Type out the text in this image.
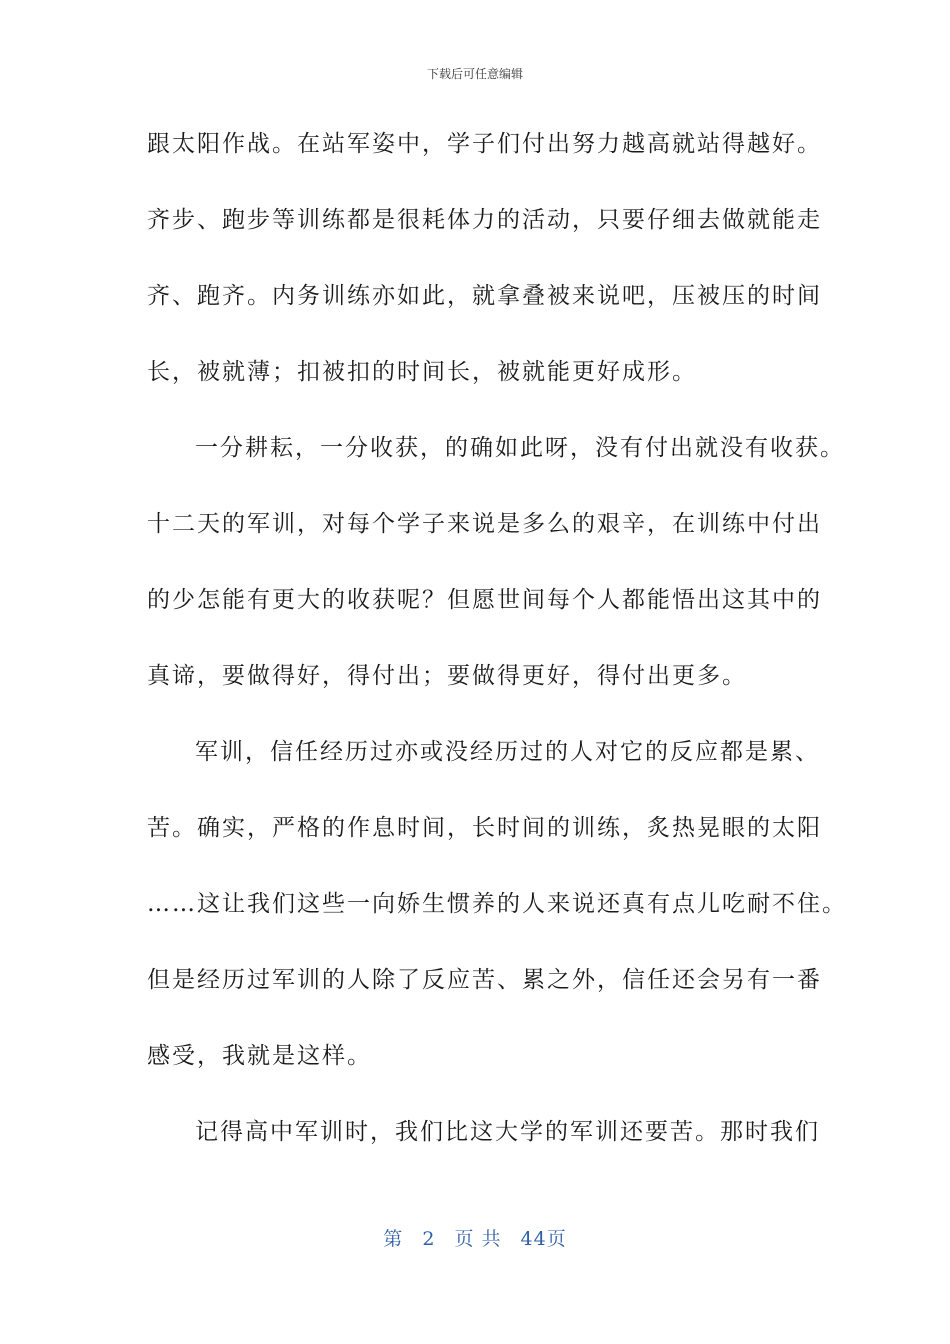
下载后可任意编辑
跟太阳作战。在站军姿中，学子们付出努力越高就站得越好。
齐步、跑步等训练都是很耗体力的活动，只要仔细去做就能走
齐、跑齐。内务训练亦如此，就拿叠被来说吧，压被压的时间
长，被就薄；扣被扣的时间长，被就能更好成形。
一分耕耘，一分收获，的确如此呀，没有付出就没有收获。
十二天的军训，对每个学子来说是多么的艰辛，在训练中付出
的少怎能有更大的收获呢？但愿世间每个人都能悟出这其中的
真谛，要做得好，得付出；要做得更好，得付出更多。
军训，信任经历过亦或没经历过的人对它的反应都是累、
苦。确实，严格的作息时间，长时间的训练，炙热晃眼的太阳
……这让我们这些一向娇生惯养的人来说还真有点儿吃耐不住。
但是经历过军训的人除了反应苦、累之外，信任还会另有一番
感受，我就是这样。
记得高中军训时，我们比这大学的军训还要苦。那时我们
第 2 页 共 44页
